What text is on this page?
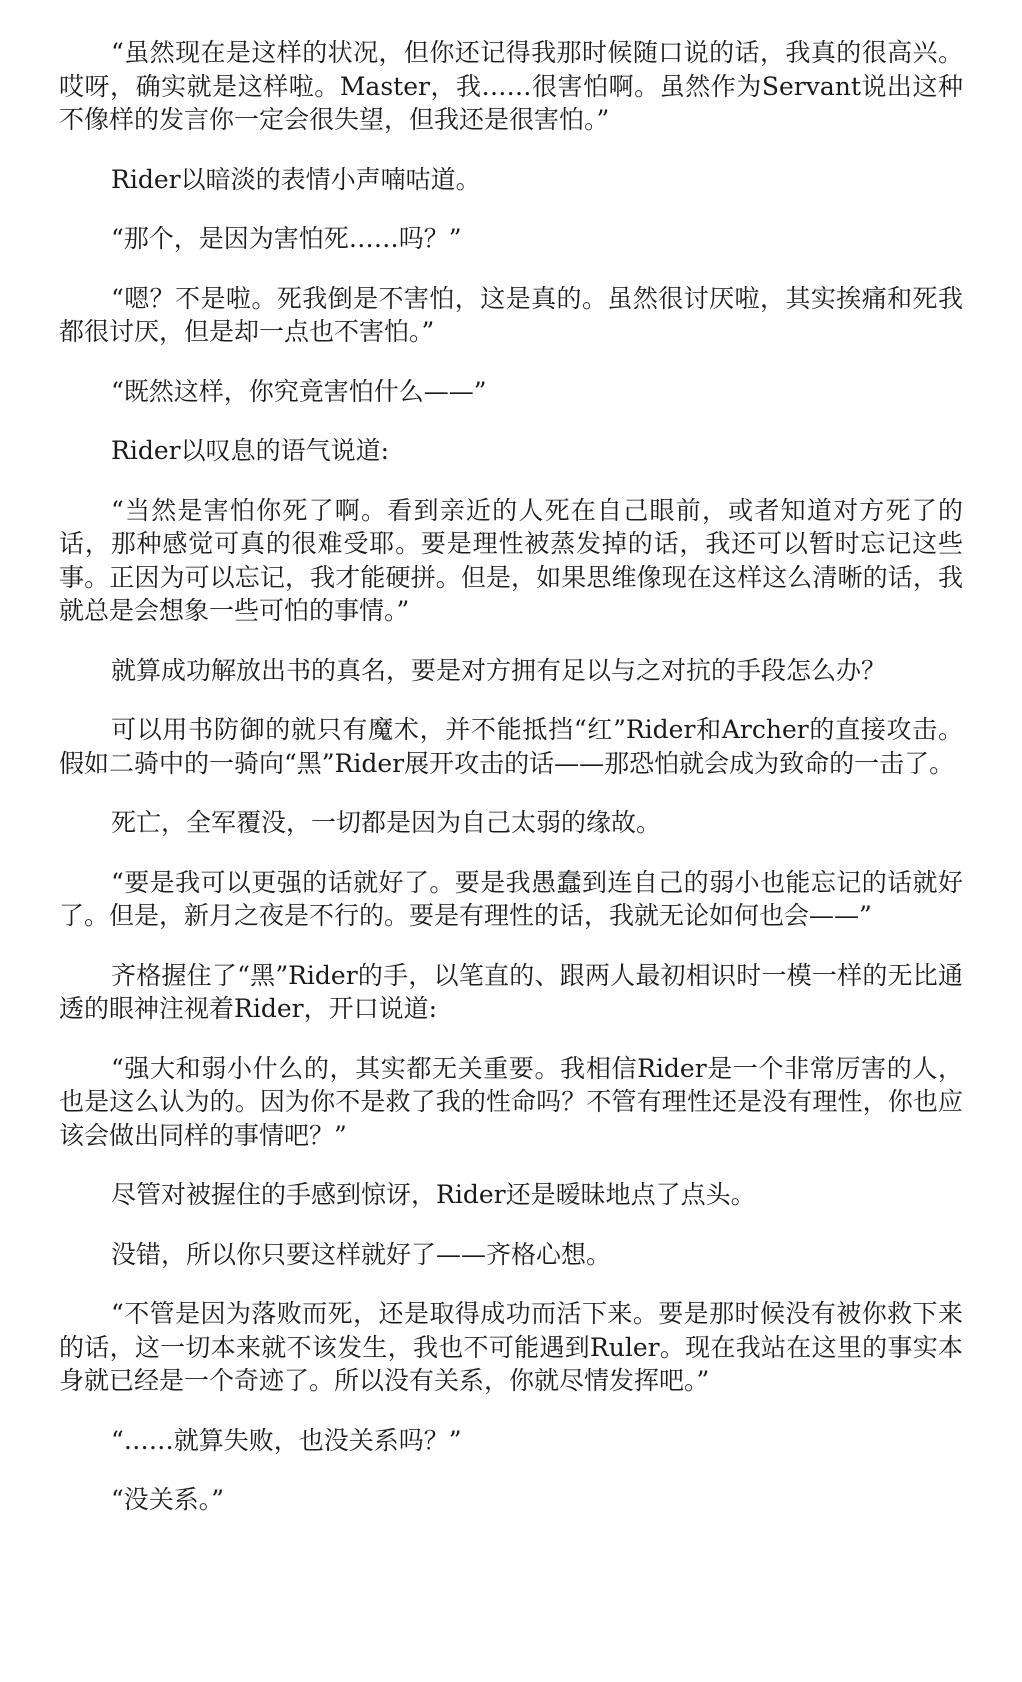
“虽然现在是这样的状况，但你还记得我那时候随口说的话，我真的很高兴。哎呀，确实就是这样啦。Master，我……很害怕啊。虽然作为Servant说出这种不像样的发言你一定会很失望，但我还是很害怕。”

Rider以暗淡的表情小声喃咕道。

“那个，是因为害怕死……吗？”

“嗯？不是啦。死我倒是不害怕，这是真的。虽然很讨厌啦，其实挨痛和死我都很讨厌，但是却一点也不害怕。”

“既然这样，你究竟害怕什么——”

Rider以叹息的语气说道:

“当然是害怕你死了啊。看到亲近的人死在自己眼前，或者知道对方死了的话，那种感觉可真的很难受耶。要是理性被蒸发掉的话，我还可以暂时忘记这些事。正因为可以忘记，我才能硬拼。但是，如果思维像现在这样这么清晰的话，我就总是会想象一些可怕的事情。”

就算成功解放出书的真名，要是对方拥有足以与之对抗的手段怎么办？

可以用书防御的就只有魔术，并不能抵挡“红”Rider和Archer的直接攻击。假如二骑中的一骑向“黑”Rider展开攻击的话——那恐怕就会成为致命的一击了。

死亡，全军覆没，一切都是因为自己太弱的缘故。

“要是我可以更强的话就好了。要是我愚蠢到连自己的弱小也能忘记的话就好了。但是，新月之夜是不行的。要是有理性的话，我就无论如何也会——”

齐格握住了“黑”Rider的手，以笔直的、跟两人最初相识时一模一样的无比通透的眼神注视着Rider，开口说道:

“强大和弱小什么的，其实都无关重要。我相信Rider是一个非常厉害的人，也是这么认为的。因为你不是救了我的性命吗？不管有理性还是没有理性，你也应该会做出同样的事情吧？”

尽管对被握住的手感到惊讶，Rider还是暧昧地点了点头。

没错，所以你只要这样就好了——齐格心想。

“不管是因为落败而死，还是取得成功而活下来。要是那时候没有被你救下来的话，这一切本来就不该发生，我也不可能遇到Ruler。现在我站在这里的事实本身就已经是一个奇迹了。所以没有关系，你就尽情发挥吧。”

“……就算失败，也没关系吗？”

“没关系。”
